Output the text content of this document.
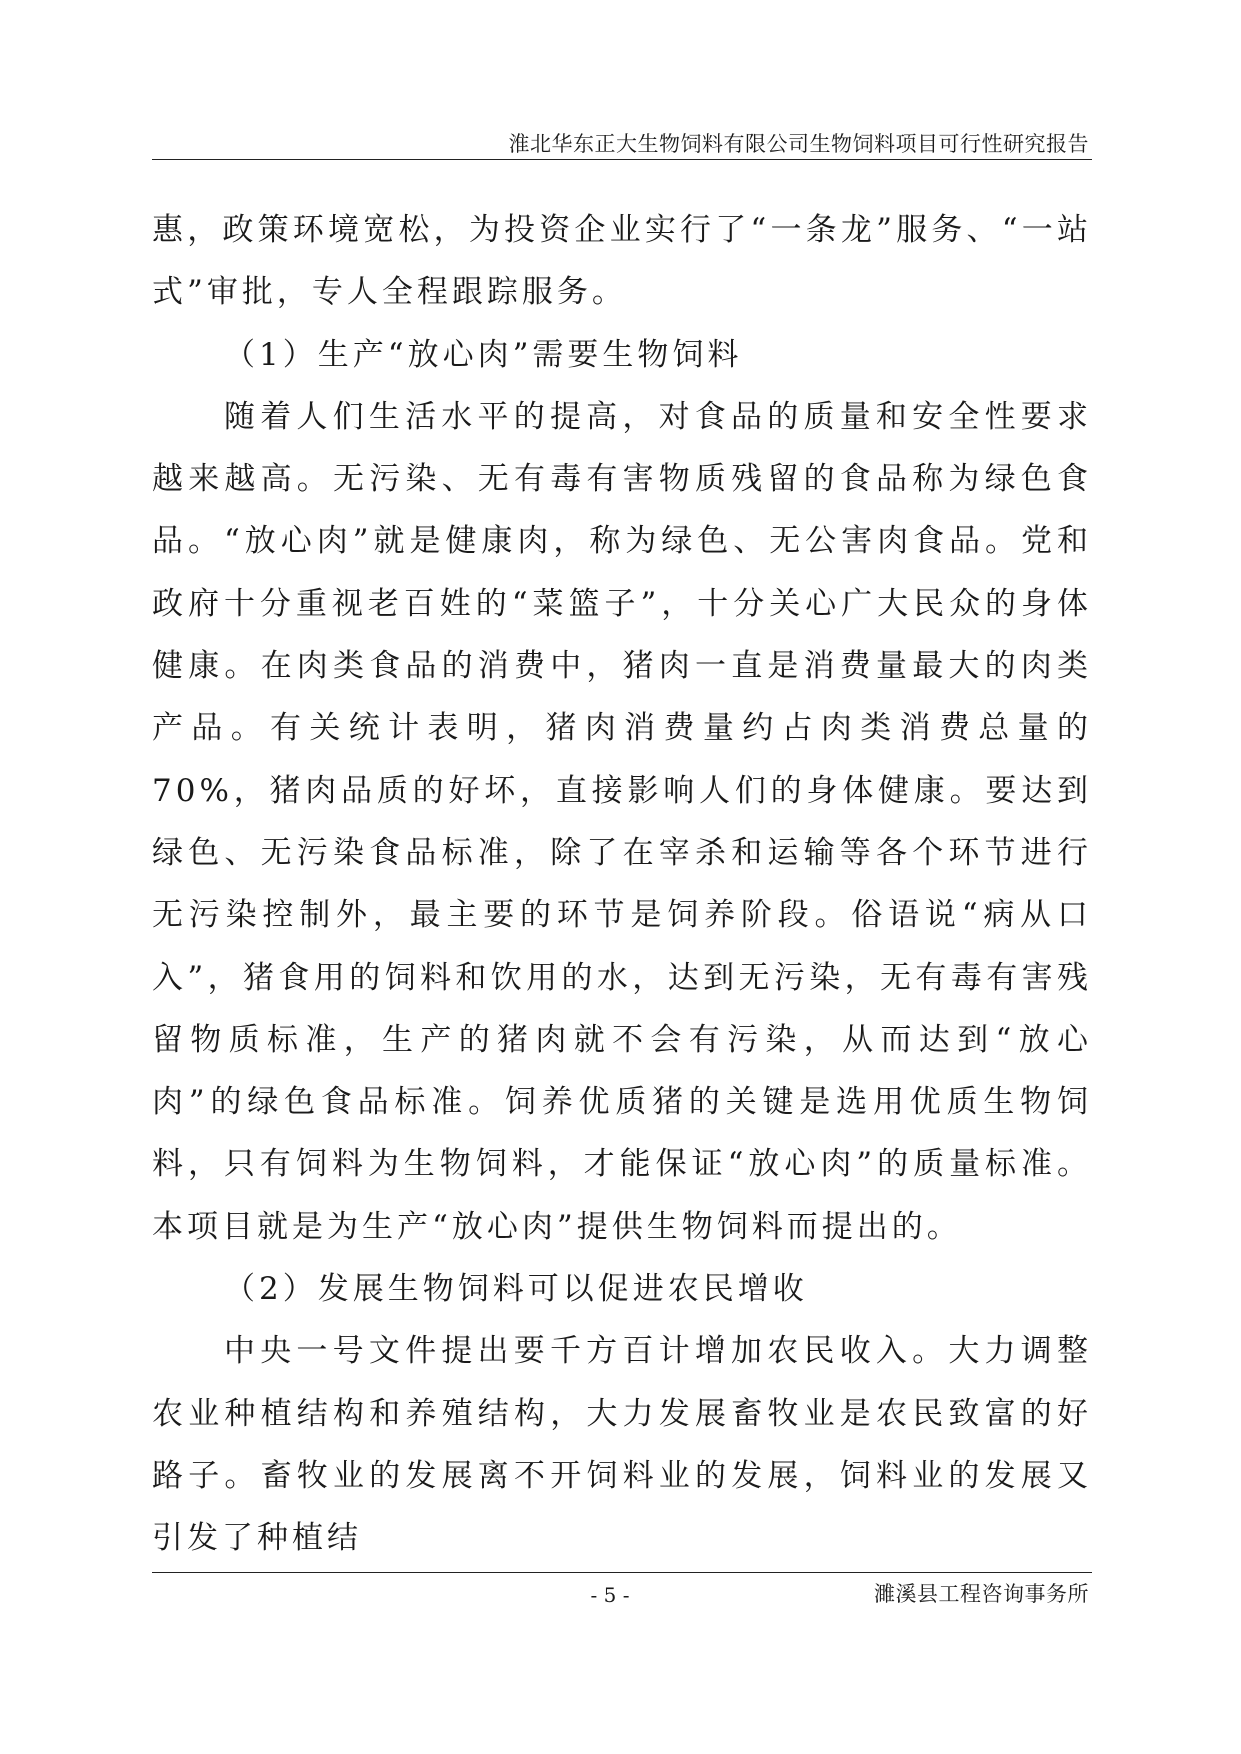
淮北华东正大生物饲料有限公司生物饲料项目可行性研究报告

惠，政策环境宽松，为投资企业实行了“一条龙”服务、“一站式”审批，专人全程跟踪服务。

（1）生产“放心肉”需要生物饲料

随着人们生活水平的提高，对食品的质量和安全性要求越来越高。无污染、无有毒有害物质残留的食品称为绿色食品。“放心肉”就是健康肉，称为绿色、无公害肉食品。党和政府十分重视老百姓的“菜篮子”，十分关心广大民众的身体健康。在肉类食品的消费中，猪肉一直是消费量最大的肉类产品。有关统计表明，猪肉消费量约占肉类消费总量的70%，猪肉品质的好坏，直接影响人们的身体健康。要达到绿色、无污染食品标准，除了在宰杀和运输等各个环节进行无污染控制外，最主要的环节是饲养阶段。俗语说“病从口入”，猪食用的饲料和饮用的水，达到无污染，无有毒有害残留物质标准，生产的猪肉就不会有污染，从而达到“放心肉”的绿色食品标准。饲养优质猪的关键是选用优质生物饲料，只有饲料为生物饲料，才能保证“放心肉”的质量标准。本项目就是为生产“放心肉”提供生物饲料而提出的。

（2）发展生物饲料可以促进农民增收

中央一号文件提出要千方百计增加农民收入。大力调整农业种植结构和养殖结构，大力发展畜牧业是农民致富的好路子。畜牧业的发展离不开饲料业的发展，饲料业的发展又引发了种植结

- 5 -	濉溪县工程咨询事务所
